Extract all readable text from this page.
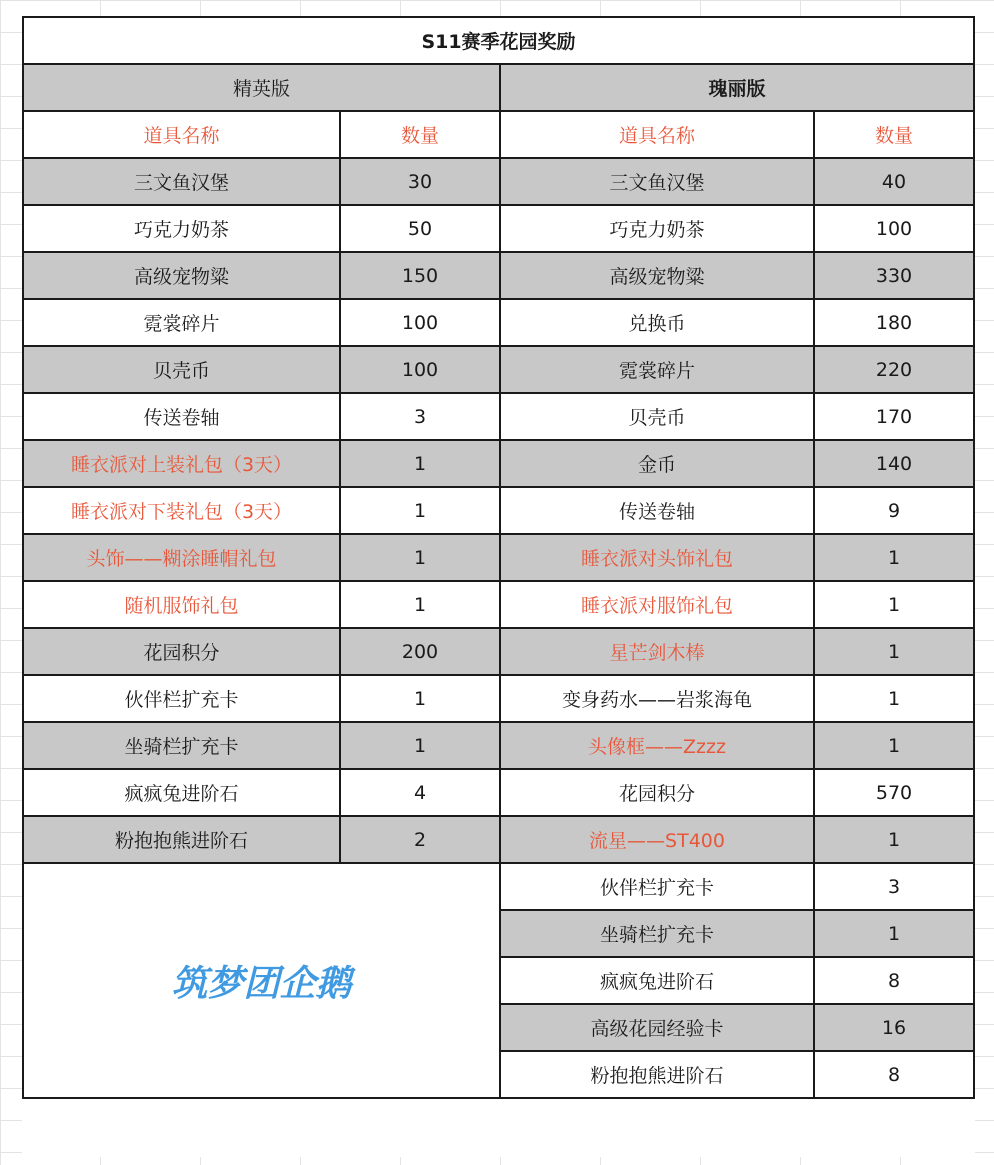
S11赛季花园奖励			
精英版		瑰丽版	
道具名称	数量	道具名称	数量
三文鱼汉堡	30	三文鱼汉堡	40
巧克力奶茶	50	巧克力奶茶	100
高级宠物粱	150	高级宠物粱	330
霓裳碎片	100	兑换币	180
贝壳币	100	霓裳碎片	220
传送卷轴	3	贝壳币	170
睡衣派对上装礼包（3天）	1	金币	140
睡衣派对下装礼包（3天）	1	传送卷轴	9
头饰——糊涂睡帽礼包	1	睡衣派对头饰礼包	1
随机服饰礼包	1	睡衣派对服饰礼包	1
花园积分	200	星芒剑木棒	1
伙伴栏扩充卡	1	变身药水——岩浆海龟	1
坐骑栏扩充卡	1	头像框——Zzzz	1
疯疯兔进阶石	4	花园积分	570
粉抱抱熊进阶石	2	流星——ST400	1

筑梦团企鹅		伙伴栏扩充卡	3
		坐骑栏扩充卡	1
		疯疯兔进阶石	8
		高级花园经验卡	16
		粉抱抱熊进阶石	8
